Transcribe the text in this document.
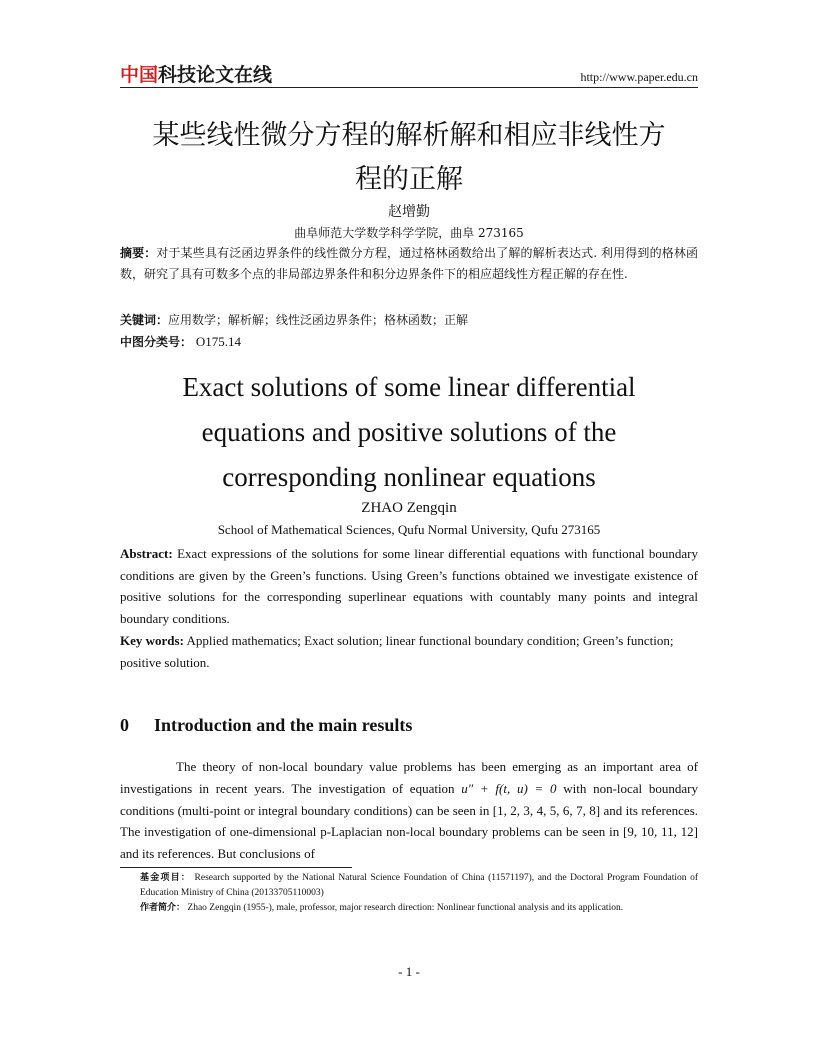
中国科技论文在线	http://www.paper.edu.cn
某些线性微分方程的解析解和相应非线性方
程的正解
赵增勤
曲阜师范大学数学科学学院，曲阜 273165
摘要：对于某些具有泛函边界条件的线性微分方程，通过格林函数给出了解的解析表达式. 利用得到的格林函数，研究了具有可数多个点的非局部边界条件和积分边界条件下的相应超线性方程正解的存在性.
关键词：应用数学；解析解；线性泛函边界条件；格林函数；正解
中图分类号： O175.14
Exact solutions of some linear differential
equations and positive solutions of the
corresponding nonlinear equations
ZHAO Zengqin
School of Mathematical Sciences, Qufu Normal University, Qufu 273165
Abstract: Exact expressions of the solutions for some linear differential equations with functional boundary conditions are given by the Green’s functions. Using Green’s functions obtained we investigate existence of positive solutions for the corresponding superlinear equations with countably many points and integral boundary conditions.
Key words: Applied mathematics; Exact solution; linear functional boundary condition; Green’s function; positive solution.
0 Introduction and the main results
The theory of non-local boundary value problems has been emerging as an important area of investigations in recent years. The investigation of equation u″ + f(t, u) = 0 with non-local boundary conditions (multi-point or integral boundary conditions) can be seen in [1, 2, 3, 4, 5, 6, 7, 8] and its references. The investigation of one-dimensional p-Laplacian non-local boundary problems can be seen in [9, 10, 11, 12] and its references. But conclusions of
基金项目： Research supported by the National Natural Science Foundation of China (11571197), and the Doctoral Program Foundation of Education Ministry of China (20133705110003)
作者简介： Zhao Zengqin (1955-), male, professor, major research direction: Nonlinear functional analysis and its application.
- 1 -
